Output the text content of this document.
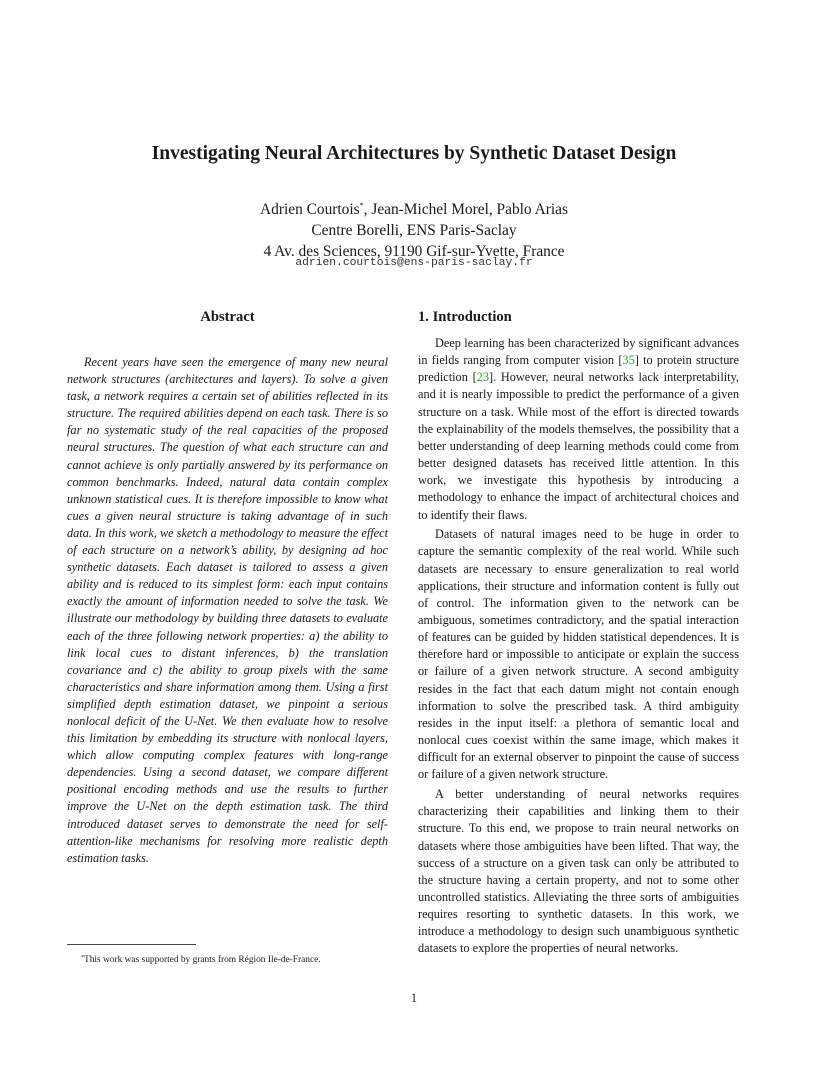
Investigating Neural Architectures by Synthetic Dataset Design
Adrien Courtois*, Jean-Michel Morel, Pablo Arias
Centre Borelli, ENS Paris-Saclay
4 Av. des Sciences, 91190 Gif-sur-Yvette, France
adrien.courtois@ens-paris-saclay.fr
Abstract	1. Introduction

Recent years have seen the emergence of many new neural network structures (architectures and layers). To solve a given task, a network requires a certain set of abilities reflected in its structure. The required abilities depend on each task. There is so far no systematic study of the real capacities of the proposed neural structures. The question of what each structure can and cannot achieve is only partially answered by its performance on common benchmarks. Indeed, natural data contain complex unknown statistical cues. It is therefore impossible to know what cues a given neural structure is taking advantage of in such data. In this work, we sketch a methodology to measure the effect of each structure on a network’s ability, by designing ad hoc synthetic datasets. Each dataset is tailored to assess a given ability and is reduced to its simplest form: each input contains exactly the amount of information needed to solve the task. We illustrate our methodology by building three datasets to evaluate each of the three following network properties: a) the ability to link local cues to distant inferences, b) the translation covariance and c) the ability to group pixels with the same characteristics and share information among them. Using a first simplified depth estimation dataset, we pinpoint a serious nonlocal deficit of the U-Net. We then evaluate how to resolve this limitation by embedding its structure with nonlocal layers, which allow computing complex features with long-range dependencies. Using a second dataset, we compare different positional encoding methods and use the results to further improve the U-Net on the depth estimation task. The third introduced dataset serves to demonstrate the need for self-attention-like mechanisms for resolving more realistic depth estimation tasks.

Deep learning has been characterized by significant advances in fields ranging from computer vision [35] to protein structure prediction [23]. However, neural networks lack interpretability, and it is nearly impossible to predict the performance of a given structure on a task. While most of the effort is directed towards the explainability of the models themselves, the possibility that a better understanding of deep learning methods could come from better designed datasets has received little attention. In this work, we investigate this hypothesis by introducing a methodology to enhance the impact of architectural choices and to identify their flaws.

Datasets of natural images need to be huge in order to capture the semantic complexity of the real world. While such datasets are necessary to ensure generalization to real world applications, their structure and information content is fully out of control. The information given to the network can be ambiguous, sometimes contradictory, and the spatial interaction of features can be guided by hidden statistical dependences. It is therefore hard or impossible to anticipate or explain the success or failure of a given network structure. A second ambiguity resides in the fact that each datum might not contain enough information to solve the prescribed task. A third ambiguity resides in the input itself: a plethora of semantic local and nonlocal cues coexist within the same image, which makes it difficult for an external observer to pinpoint the cause of success or failure of a given network structure.

A better understanding of neural networks requires characterizing their capabilities and linking them to their structure. To this end, we propose to train neural networks on datasets where those ambiguities have been lifted. That way, the success of a structure on a given task can only be attributed to the structure having a certain property, and not to some other uncontrolled statistics. Alleviating the three sorts of ambiguities requires resorting to synthetic datasets. In this work, we introduce a methodology to design such unambiguous synthetic datasets to explore the properties of neural networks.

*This work was supported by grants from Région Ile-de-France.
1
